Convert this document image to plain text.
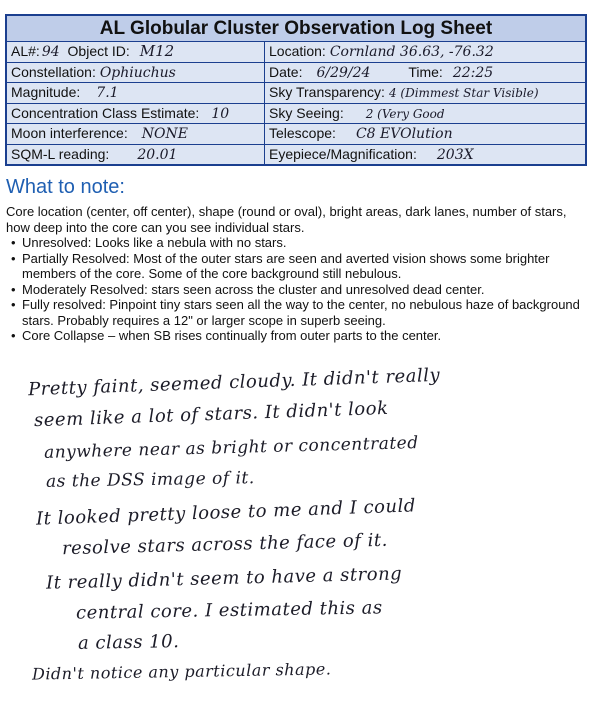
AL Globular Cluster Observation Log Sheet
AL#: 94 Object ID: M12	Location: Cornland 36.63, -76.32
Constellation: Ophiuchus	Date: 6/29/24	Time: 22:25
Magnitude: 7.1	Sky Transparency: 4 (Dimmest Star Visible)
Concentration Class Estimate: 10	Sky Seeing: 2 (Very Good
Moon interference: NONE	Telescope: C8 EVOlution
SQM-L reading: 20.01	Eyepiece/Magnification: 203X
What to note:

Core location (center, off center), shape (round or oval), bright areas, dark lanes, number of stars, how deep into the core can you see individual stars.

• Unresolved: Looks like a nebula with no stars.
• Partially Resolved: Most of the outer stars are seen and averted vision shows some brighter members of the core. Some of the core background still nebulous.
• Moderately Resolved: stars seen across the cluster and unresolved dead center.
• Fully resolved: Pinpoint tiny stars seen all the way to the center, no nebulous haze of background stars. Probably requires a 12" or larger scope in superb seeing.
• Core Collapse – when SB rises continually from outer parts to the center.
Pretty faint, seemed cloudy. It didn't really
seem like a lot of stars. It didn't look
anywhere near as bright or concentrated
as the DSS image of it.
It looked pretty loose to me and I could
resolve stars across the face of it.
It really didn't seem to have a strong
central core. I estimated this as
a class 10.
Didn't notice any particular shape.
